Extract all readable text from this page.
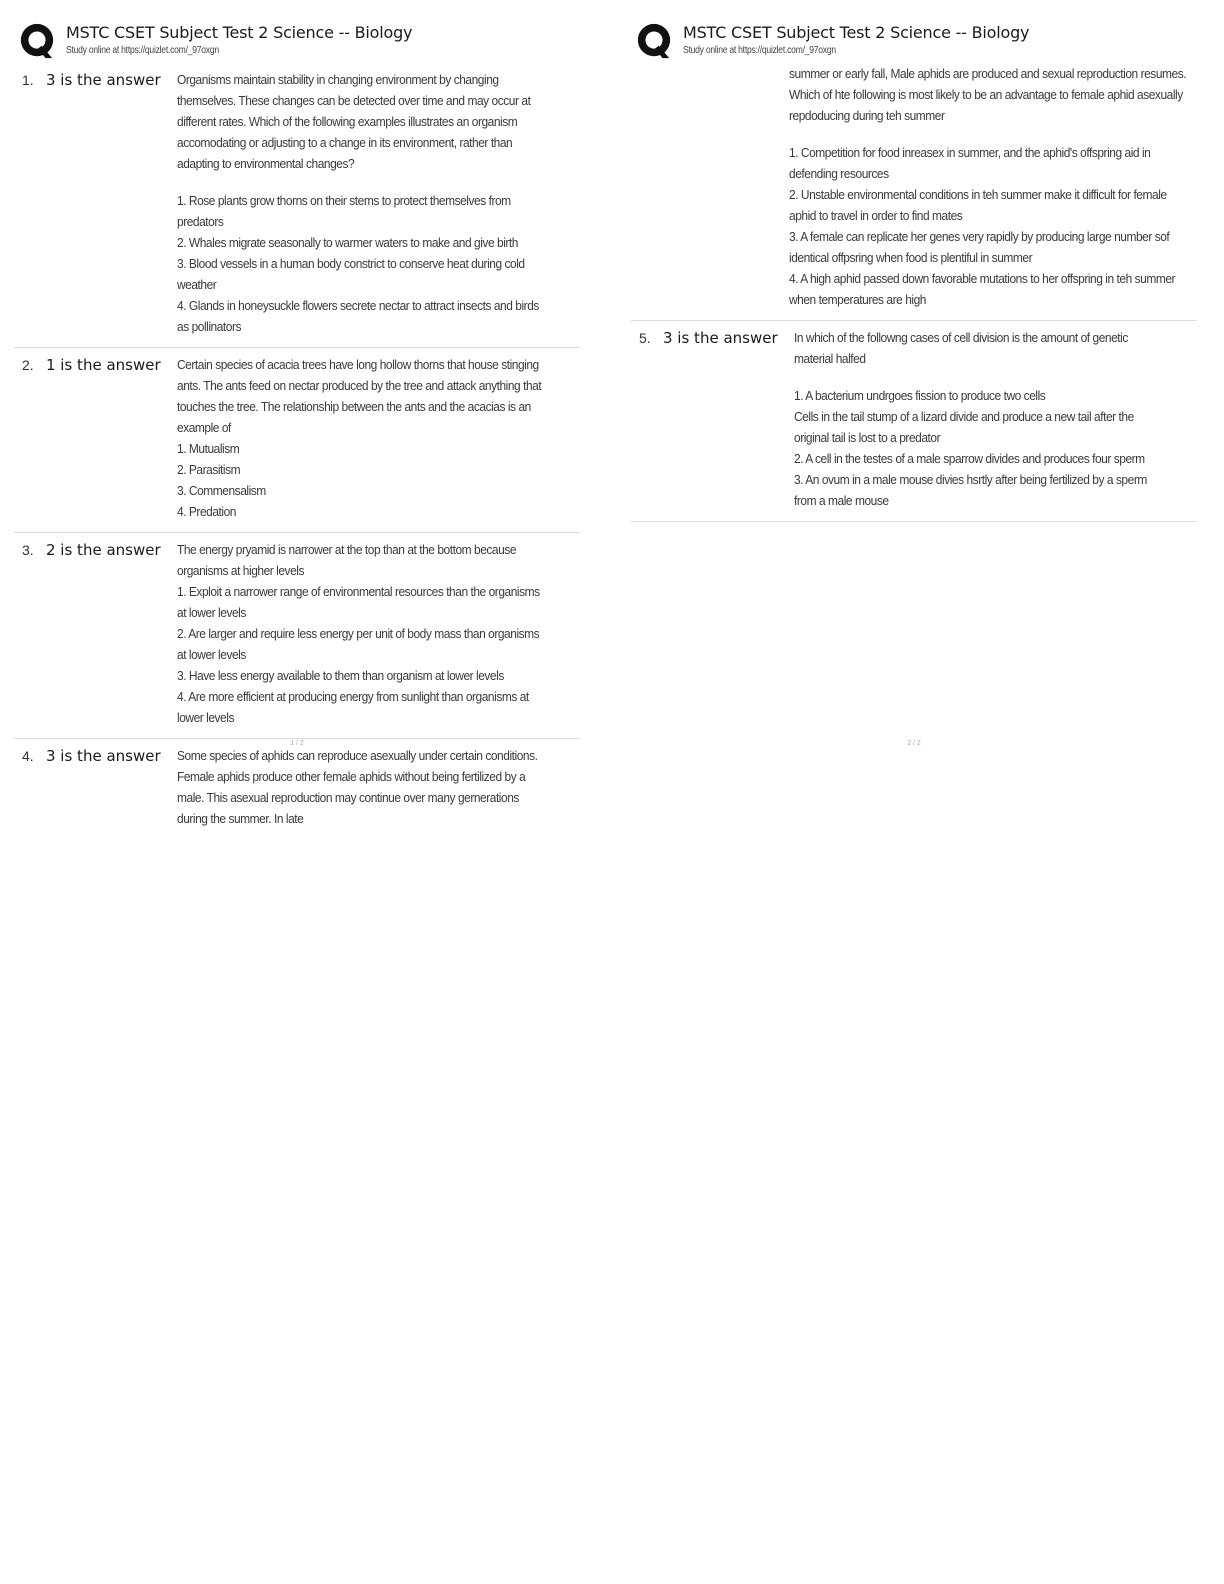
MSTC CSET Subject Test 2 Science -- Biology
Study online at https://quizlet.com/_97oxgn
1. 3 is the answer	Organisms maintain stability in changing environment by changing themselves. These changes can be detected over time and may occur at different rates. Which of the following examples illustrates an organism accomodating or adjusting to a change in its environment, rather than adapting to environmental changes?

1. Rose plants grow thorns on their stems to protect themselves from predators

2. Whales migrate seasonally to warmer waters to make and give birth

3. Blood vessels in a human body constrict to conserve heat during cold weather

4. Glands in honeysuckle flowers secrete nectar to attract insects and birds as pollinators

2. 1 is the answer	Certain species of acacia trees have long hollow thorns that house stinging ants. The ants feed on nectar produced by the tree and attack anything that touches the tree. The relationship between the ants and the acacias is an example of

1. Mutualism

2. Parasitism

3. Commensalism

4. Predation

3. 2 is the answer	The energy pryamid is narrower at the top than at the bottom because organisms at higher levels

1. Exploit a narrower range of environmental resources than the organisms at lower levels

2. Are larger and require less energy per unit of body mass than organisms at lower levels

3. Have less energy available to them than organism at lower levels

4. Are more efficient at producing energy from sunlight than organisms at lower levels

4. 3 is the answer	Some species of aphids can reproduce asexually under certain conditions. Female aphids produce other female aphids without being fertilized by a male. This asexual reproduction may continue over many gernerations during the summer. In late

1 / 2
MSTC CSET Subject Test 2 Science -- Biology
Study online at https://quizlet.com/_97oxgn

summer or early fall, Male aphids are produced and sexual reproduction resumes. Which of hte following is most likely to be an advantage to female aphid asexually repdoducing during teh summer

1. Competition for food inreasex in summer, and the aphid's offspring aid in defending resources

2. Unstable environmental conditions in teh summer make it difficult for female aphid to travel in order to find mates

3. A female can replicate her genes very rapidly by producing large number sof identical offpsring when food is plentiful in summer

4. A high aphid passed down favorable mutations to her offspring in teh summer when temperatures are high

5. 3 is the answer	In which of the followng cases of cell division is the amount of genetic material halfed

1. A bacterium undrgoes fission to produce two cells

Cells in the tail stump of a lizard divide and produce a new tail after the original tail is lost to a predator

2. A cell in the testes of a male sparrow divides and produces four sperm

3. An ovum in a male mouse divies hsrtly after being fertilized by a sperm from a male mouse

2 / 2
